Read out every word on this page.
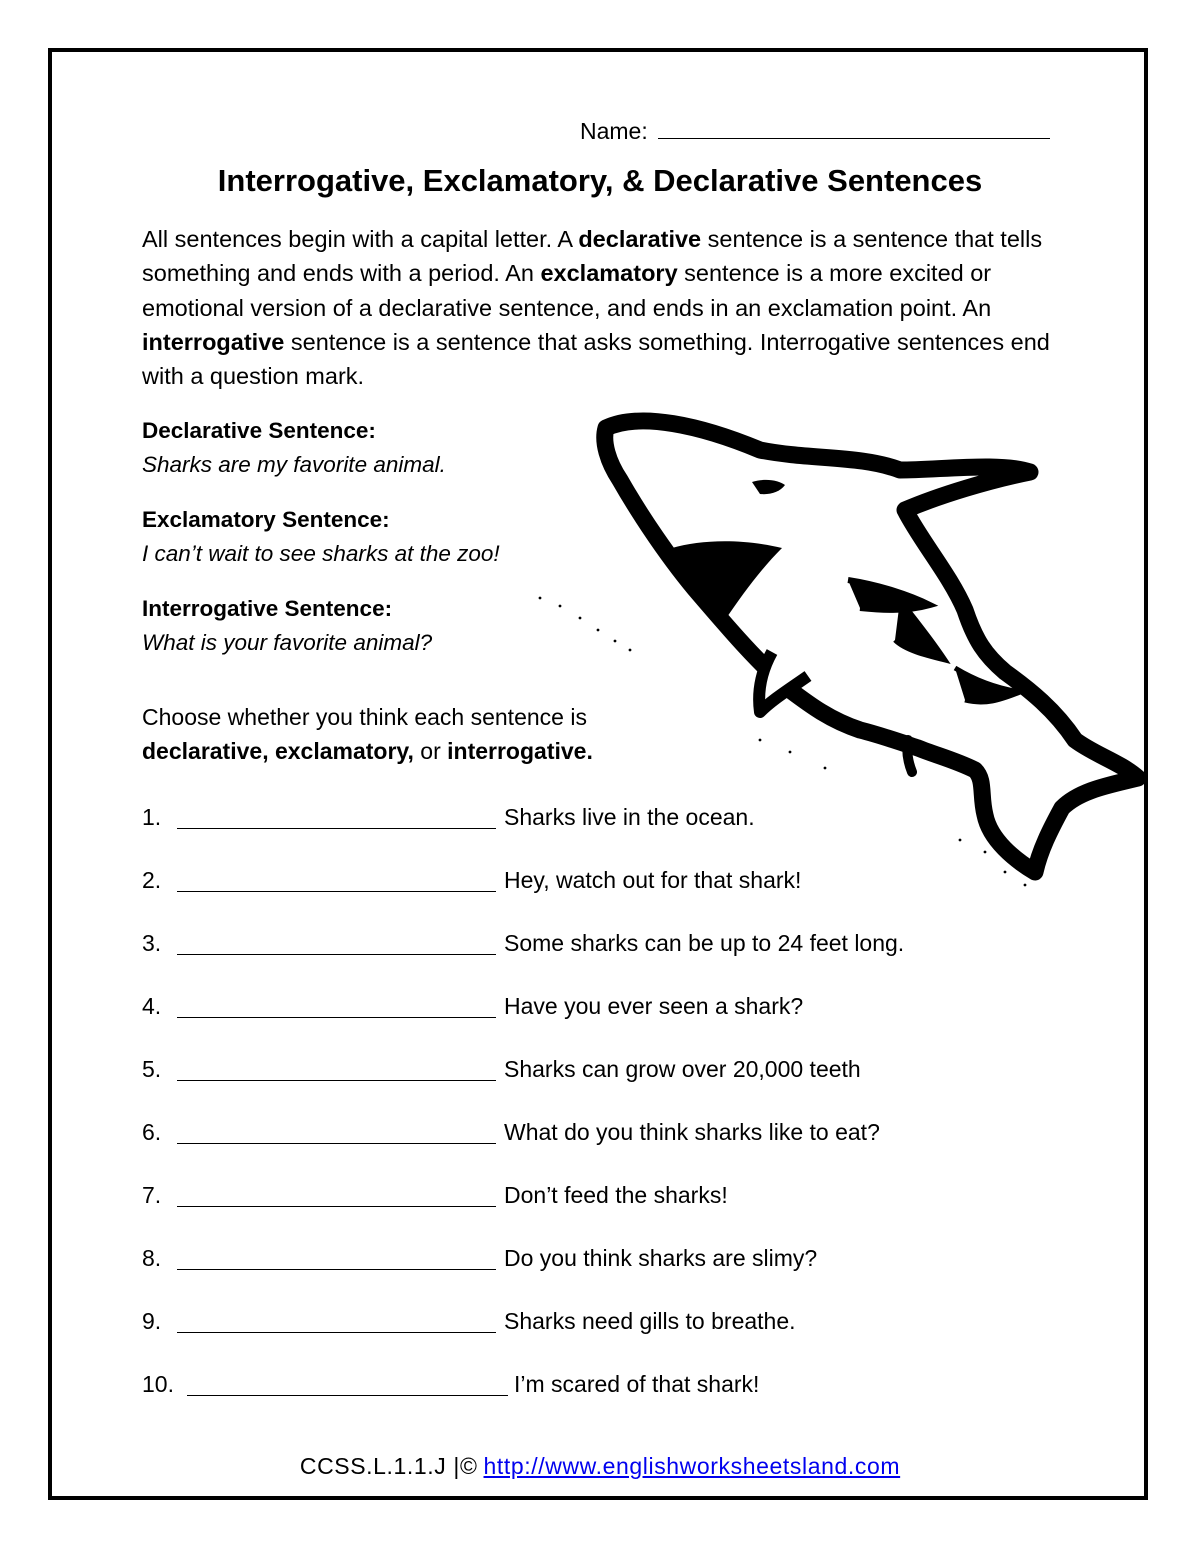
Name:
Interrogative, Exclamatory, & Declarative Sentences
All sentences begin with a capital letter. A declarative sentence is a sentence that tells something and ends with a period. An exclamatory sentence is a more excited or emotional version of a declarative sentence, and ends in an exclamation point. An interrogative sentence is a sentence that asks something. Interrogative sentences end with a question mark.
Declarative Sentence:
Sharks are my favorite animal.
Exclamatory Sentence:
I can’t wait to see sharks at the zoo!
Interrogative Sentence:
What is your favorite animal?
Choose whether you think each sentence is
declarative, exclamatory, or interrogative.
1.	Sharks live in the ocean.
2.	Hey, watch out for that shark!
3.	Some sharks can be up to 24 feet long.
4.	Have you ever seen a shark?
5.	Sharks can grow over 20,000 teeth
6.	What do you think sharks like to eat?
7.	Don’t feed the sharks!
8.	Do you think sharks are slimy?
9.	Sharks need gills to breathe.
10.	I’m scared of that shark!
CCSS.L.1.1.J |© http://www.englishworksheetsland.com
